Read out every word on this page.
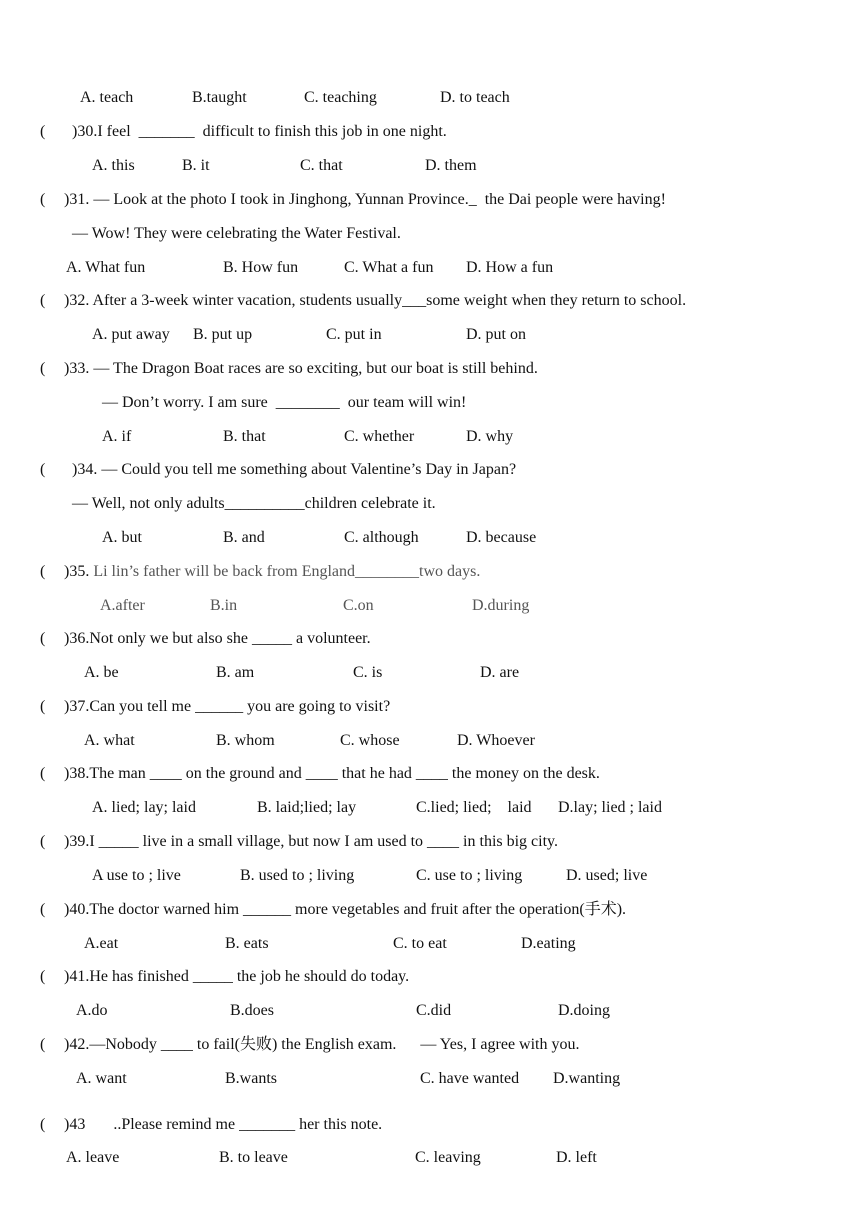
A. teach	B.taught	C. teaching	D. to teach
( )30.I feel  _______  difficult to finish this job in one night.
A. this	B. it	C. that	D. them
( )31. — Look at the photo I took in Jinghong, Yunnan Province._  the Dai people were having!
— Wow! They were celebrating the Water Festival.
A. What fun	B. How fun	C. What a fun D. How a fun
( )32. After a 3-week winter vacation, students usually___some weight when they return to school.
A. put away B. put up	C. put in	D. put on
( )33. — The Dragon Boat races are so exciting, but our boat is still behind.
— Don’t worry. I am sure  ________  our team will win!
A. if	B. that	C. whether	D. why
( )34. — Could you tell me something about Valentine’s Day in Japan?
— Well, not only adults__________children celebrate it.
A. but	B. and	C. although	D. because
( )35. Li lin’s father will be back from England________two days.
A.after	B.in	C.on	D.during
( )36.Not only we but also she _____ a volunteer.
A. be	B. am	C. is	D. are
( )37.Can you tell me ______ you are going to visit?
A. what	B. whom	C. whose	D. Whoever
( )38.The man ____ on the ground and ____ that he had ____ the money on the desk.
A. lied; lay; laid	B. laid;lied; lay	C.lied; lied;    laid D.lay; lied ; laid
( )39.I _____ live in a small village, but now I am used to ____ in this big city.
A use to ; live	B. used to ; living	C. use to ; living	D. used; live
( )40.The doctor warned him ______ more vegetables and fruit after the operation(手术).
A.eat	B. eats	C. to eat	D.eating
( )41.He has finished _____ the job he should do today.
A.do	B.does	C.did	D.doing
( )42.—Nobody ____ to fail(失败) the English exam.      — Yes, I agree with you.
A. want	B.wants	C. have wanted D.wanting
( )43       ..Please remind me _______ her this note.
A. leave	B. to leave	C. leaving	D. left
